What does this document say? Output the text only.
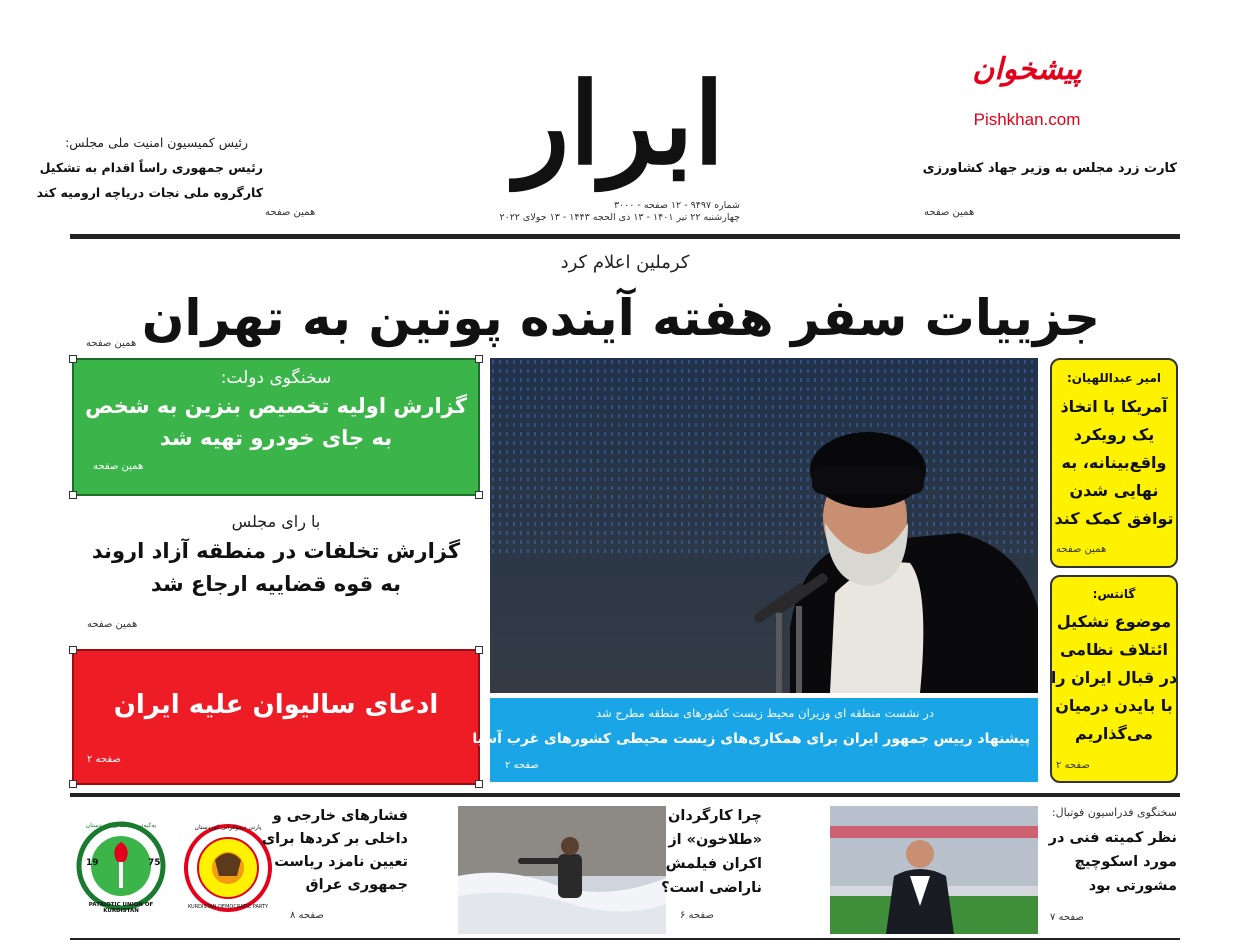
پیشخوان
Pishkhan.com
ابرار
شماره ۹۴۹۷ - ۱۲ صفحه - ۳۰۰۰
چهارشنبه ۲۲ تیر ۱۴۰۱ - ۱۳ ذی الحجه ۱۴۴۳ - ۱۳ جولای ۲۰۲۲
رئیس کمیسیون امنیت ملی مجلس:
رئیس جمهوری راساً اقدام به تشکیل
کارگروه ملی نجات دریاچه ارومیه کند
همین صفحه
کارت زرد مجلس به وزیر جهاد کشاورزی
همین صفحه
کرملین اعلام کرد
جزییات سفر هفته آینده پوتین به تهران
همین صفحه
سخنگوی دولت:
گزارش اولیه تخصیص بنزین به شخص
به جای خودرو تهیه شد
همین صفحه
با رای مجلس
گزارش تخلفات در منطقه آزاد اروند
به قوه قضاییه ارجاع شد
همین صفحه
ادعای سالیوان علیه ایران
صفحه ۲
در نشست منطقه ای وزیران محیط زیست کشورهای منطقه مطرح شد
پیشنهاد رییس جمهور ایران برای همکاری‌های زیست محیطی کشورهای غرب آسیا
صفحه ۲
امیر عبداللهیان:
آمریکا با اتخاذ
یک رویکرد
واقع‌بینانه، به
نهایی شدن
توافق کمک کند
همین صفحه
گانتس:
موضوع تشکیل
ائتلاف نظامی
در قبال ایران را
با بایدن درمیان
می‌گذاریم
صفحه ۲
یه‌کیه‌تی نیشتمانی کوردستان
PATRIOTIC UNION OF KURDISTAN
19	75
پارتی دیموکراتی کوردستان
KURDISTAN DEMOCRATIC PARTY
فشارهای خارجی و
داخلی بر کردها برای
تعیین نامزد ریاست
جمهوری عراق
صفحه ۸
چرا کارگردان
«طلاخون» از
اکران فیلمش
ناراضی است؟
صفحه ۶
سخنگوی فدراسیون فوتبال:
نظر کمیته فنی در
مورد اسکوچیچ
مشورتی بود
صفحه ۷
